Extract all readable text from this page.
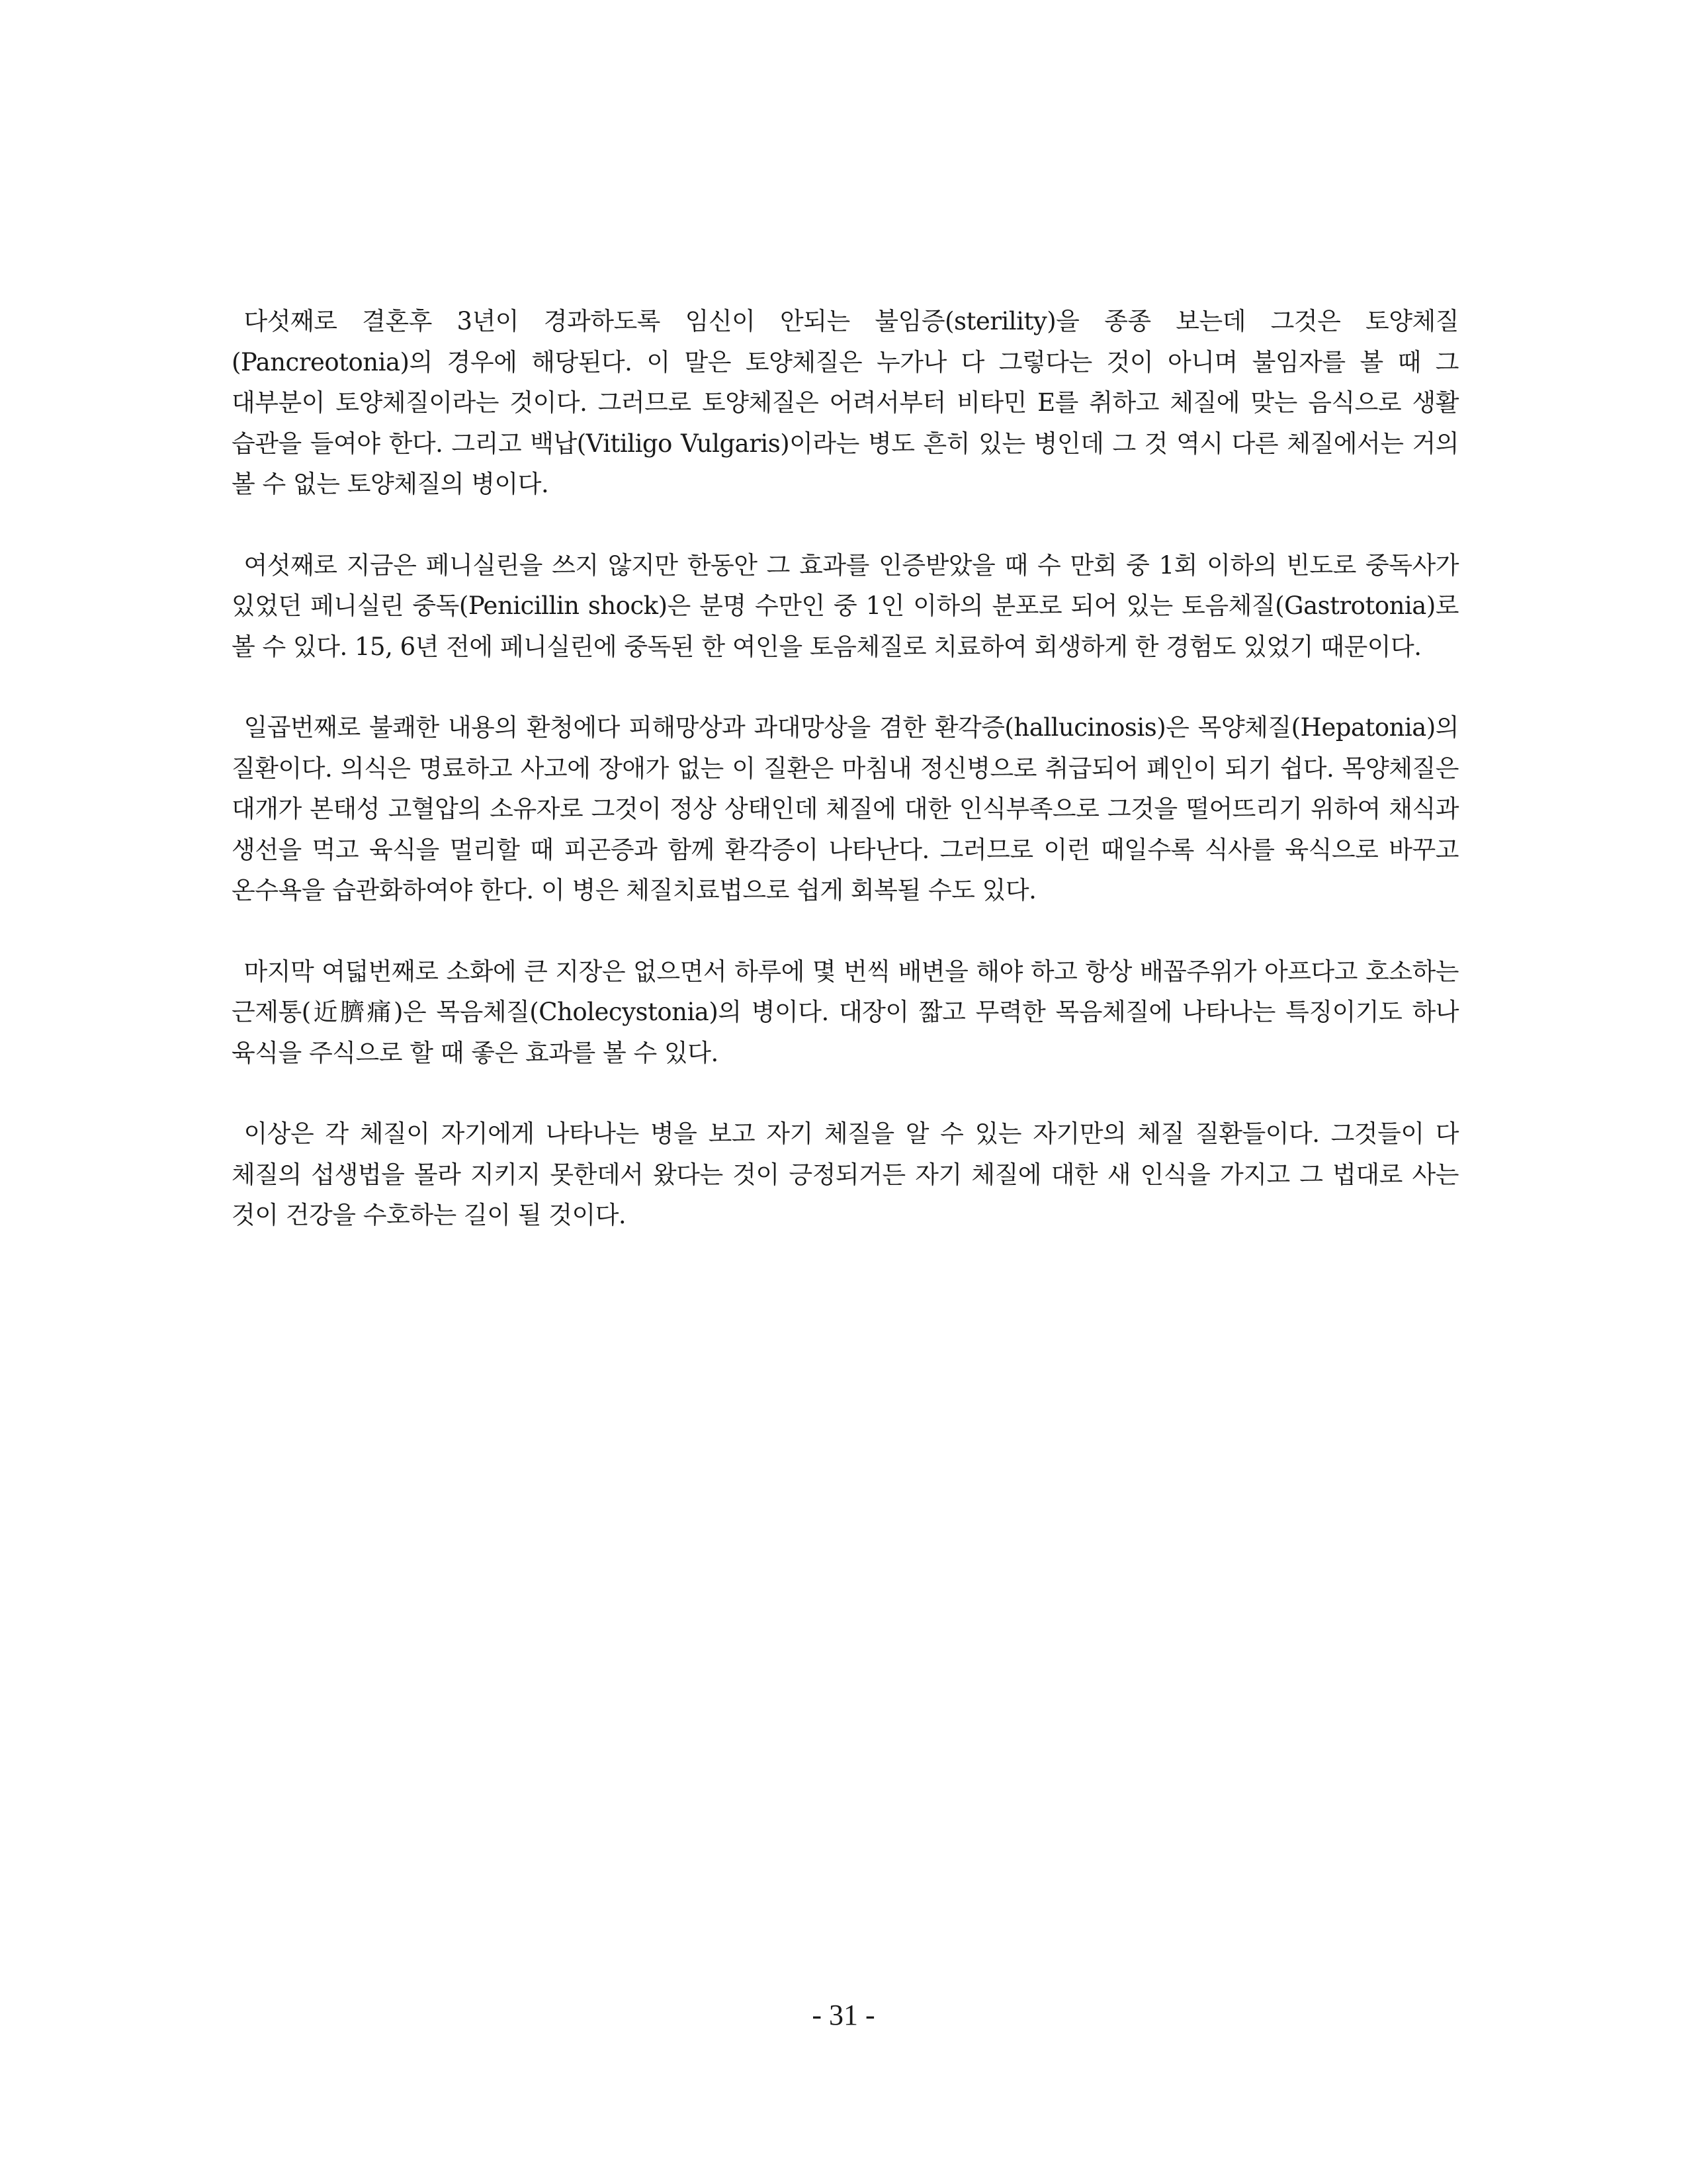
다섯째로 결혼후 3년이 경과하도록 임신이 안되는 불임증(sterility)을 종종 보는데 그것은 토양체질(Pancreotonia)의 경우에 해당된다. 이 말은 토양체질은 누가나 다 그렇다는 것이 아니며 불임자를 볼 때 그 대부분이 토양체질이라는 것이다. 그러므로 토양체질은 어려서부터 비타민 E를 취하고 체질에 맞는 음식으로 생활 습관을 들여야 한다. 그리고 백납(Vitiligo Vulgaris)이라는 병도 흔히 있는 병인데 그 것 역시 다른 체질에서는 거의 볼 수 없는 토양체질의 병이다.

여섯째로 지금은 페니실린을 쓰지 않지만 한동안 그 효과를 인증받았을 때 수 만회 중 1회 이하의 빈도로 중독사가 있었던 페니실린 중독(Penicillin shock)은 분명 수만인 중 1인 이하의 분포로 되어 있는 토음체질(Gastrotonia)로 볼 수 있다. 15, 6년 전에 페니실린에 중독된 한 여인을 토음체질로 치료하여 회생하게 한 경험도 있었기 때문이다.

일곱번째로 불쾌한 내용의 환청에다 피해망상과 과대망상을 겸한 환각증(hallucinosis)은 목양체질(Hepatonia)의 질환이다. 의식은 명료하고 사고에 장애가 없는 이 질환은 마침내 정신병으로 취급되어 폐인이 되기 쉽다. 목양체질은 대개가 본태성 고혈압의 소유자로 그것이 정상 상태인데 체질에 대한 인식부족으로 그것을 떨어뜨리기 위하여 채식과 생선을 먹고 육식을 멀리할 때 피곤증과 함께 환각증이 나타난다. 그러므로 이런 때일수록 식사를 육식으로 바꾸고 온수욕을 습관화하여야 한다. 이 병은 체질치료법으로 쉽게 회복될 수도 있다.

마지막 여덟번째로 소화에 큰 지장은 없으면서 하루에 몇 번씩 배변을 해야 하고 항상 배꼽주위가 아프다고 호소하는 근제통(近臍痛)은 목음체질(Cholecystonia)의 병이다. 대장이 짧고 무력한 목음체질에 나타나는 특징이기도 하나 육식을 주식으로 할 때 좋은 효과를 볼 수 있다.

이상은 각 체질이 자기에게 나타나는 병을 보고 자기 체질을 알 수 있는 자기만의 체질 질환들이다. 그것들이 다 체질의 섭생법을 몰라 지키지 못한데서 왔다는 것이 긍정되거든 자기 체질에 대한 새 인식을 가지고 그 법대로 사는 것이 건강을 수호하는 길이 될 것이다.

- 31 -
